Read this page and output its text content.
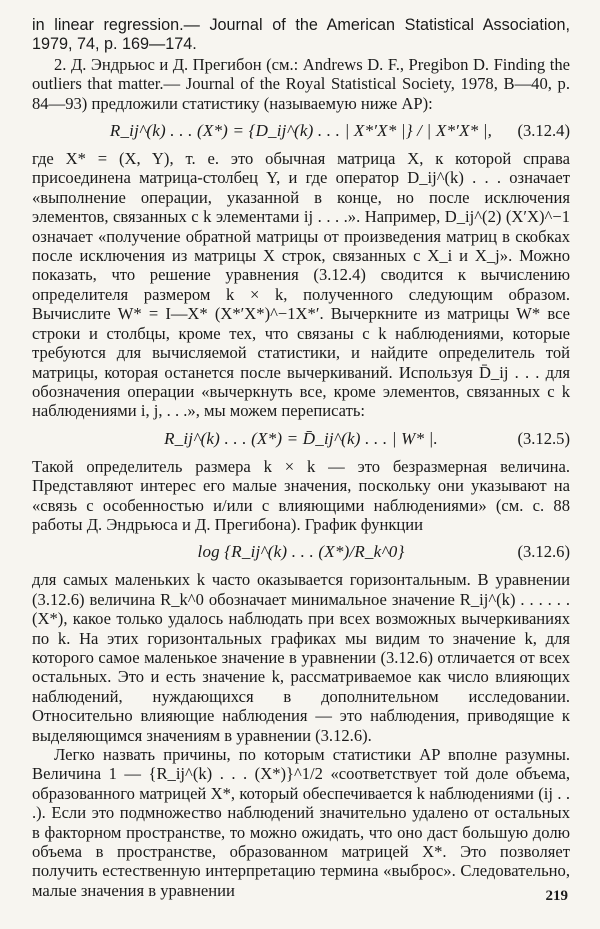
in linear regression.— Journal of the American Statistical Association, 1979, 74, p. 169—174.

2. Д. Эндрьюс и Д. Прегибон (см.: Andrews D. F., Pregibon D. Finding the outliers that matter.— Journal of the Royal Statistical Society, 1978, B—40, p. 84—93) предложили статистику (называемую ниже AP):

R_ij^(k) . . . (X*) = {D_ij^(k) . . . | X*′X* |} / | X*′X* |, (3.12.4)

где X* = (X, Y), т. е. это обычная матрица X, к которой справа присоединена матрица-столбец Y, и где оператор D_ij^(k) . . . означает «выполнение операции, указанной в конце, но после исключения элементов, связанных с k элементами ij . . . .». Например, D_ij^(2) (X′X)^−1 означает «получение обратной матрицы от произведения матриц в скобках после исключения из матрицы X строк, связанных с X_i и X_j». Можно показать, что решение уравнения (3.12.4) сводится к вычислению определителя размером k × k, полученного следующим образом. Вычислите W* = I—X* (X*′X*)^−1X*′. Вычеркните из матрицы W* все строки и столбцы, кроме тех, что связаны с k наблюдениями, которые требуются для вычисляемой статистики, и найдите определитель той матрицы, которая останется после вычеркиваний. Используя D̄_ij . . . для обозначения операции «вычеркнуть все, кроме элементов, связанных с k наблюдениями i, j, . . .», мы можем переписать:

R_ij^(k) . . . (X*) = D̄_ij^(k) . . . | W* |.	(3.12.5)

Такой определитель размера k × k — это безразмерная величина. Представляют интерес его малые значения, поскольку они указывают на «связь с особенностью и/или с влияющими наблюдениями» (см. с. 88 работы Д. Эндрьюса и Д. Прегибона). График функции

log {R_ij^(k) . . . (X*)/R_k^0}	(3.12.6)

для самых маленьких k часто оказывается горизонтальным. В уравнении (3.12.6) величина R_k^0 обозначает минимальное значение R_ij^(k) . . . . . . (X*), какое только удалось наблюдать при всех возможных вычеркиваниях по k. На этих горизонтальных графиках мы видим то значение k, для которого самое маленькое значение в уравнении (3.12.6) отличается от всех остальных. Это и есть значение k, рассматриваемое как число влияющих наблюдений, нуждающихся в дополнительном исследовании. Относительно влияющие наблюдения — это наблюдения, приводящие к выделяющимся значениям в уравнении (3.12.6).

Легко назвать причины, по которым статистики AP вполне разумны. Величина 1 — {R_ij^(k) . . . (X*)}^1/2 «соответствует той доле объема, образованного матрицей X*, который обеспечивается k наблюдениями (ij . . .). Если это подмножество наблюдений значительно удалено от остальных в факторном пространстве, то можно ожидать, что оно даст большую долю объема в пространстве, образованном матрицей X*. Это позволяет получить естественную интерпретацию термина «выброс». Следовательно, малые значения в уравнении	219
